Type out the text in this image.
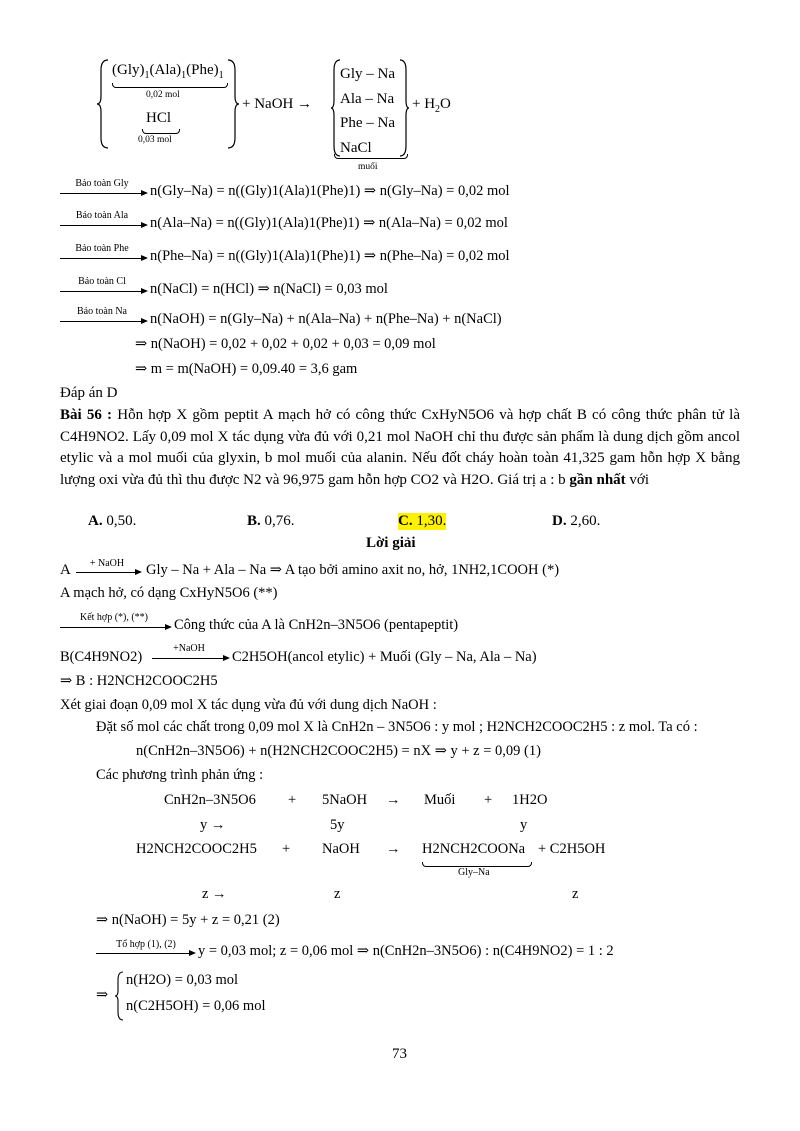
$(Gly)_1(Ala)_1(Phe)_1$
0,02 mol
HCl
0,03 mol
+ NaOH →
Gly – Na
Ala – Na
Phe – Na
NaCl
muối
+ $H_2O$
Bảo toàn Gly	n(Gly–Na) = n((Gly)1(Ala)1(Phe)1) ⇒ n(Gly–Na) = 0,02 mol
Bảo toàn Ala	n(Ala–Na) = n((Gly)1(Ala)1(Phe)1) ⇒ n(Ala–Na) = 0,02 mol
Bảo toàn Phe	n(Phe–Na) = n((Gly)1(Ala)1(Phe)1) ⇒ n(Phe–Na) = 0,02 mol
Bảo toàn Cl	n(NaCl) = n(HCl) ⇒ n(NaCl) = 0,03 mol
Bảo toàn Na	n(NaOH) = n(Gly–Na) + n(Ala–Na) + n(Phe–Na) + n(NaCl)
⇒ n(NaOH) = 0,02 + 0,02 + 0,02 + 0,03 = 0,09 mol
⇒ m = m(NaOH) = 0,09.40 = 3,6 gam
Đáp án D
Bài 56 : Hỗn hợp X gồm peptit A mạch hở có công thức CxHyN5O6 và hợp chất B có công thức phân tử là C4H9NO2. Lấy 0,09 mol X tác dụng vừa đủ với 0,21 mol NaOH chỉ thu được sản phẩm là dung dịch gồm ancol etylic và a mol muối của glyxin, b mol muối của alanin. Nếu đốt cháy hoàn toàn 41,325 gam hỗn hợp X bằng lượng oxi vừa đủ thì thu được N2 và 96,975 gam hỗn hợp CO2 và H2O. Giá trị a : b gần nhất với
A. 0,50.	B. 0,76.	C. 1,30.	D. 2,60.
Lời giải
A	+ NaOH	Gly – Na + Ala – Na ⇒ A tạo bởi amino axit no, hở, 1NH2,1COOH (*)
A mạch hở, có dạng CxHyN5O6 (**)
Kết hợp (*), (**)	Công thức của A là CnH2n–3N5O6 (pentapeptit)
B(C4H9NO2)
+NaOH
C2H5OH(ancol etylic) + Muối (Gly – Na, Ala – Na)
⇒ B : H2NCH2COOC2H5
Xét giai đoạn 0,09 mol X tác dụng vừa đủ với dung dịch NaOH :
Đặt số mol các chất trong 0,09 mol X là CnH2n – 3N5O6 : y mol ; H2NCH2COOC2H5 : z mol. Ta có :
n(CnH2n–3N5O6) + n(H2NCH2COOC2H5) = nX ⇒ y + z = 0,09 (1)
Các phương trình phản ứng :
CnH2n–3N5O6 + 5NaOH → Muối + 1H2O
y →	5y	y
H2NCH2COOC2H5 + NaOH → H2NCH2COONa
Gly–Na
+ C2H5OH
z →	z	z
⇒ n(NaOH) = 5y + z = 0,21 (2)
Tổ hợp (1), (2)	y = 0,03 mol; z = 0,06 mol ⇒ n(CnH2n–3N5O6) : n(C4H9NO2) = 1 : 2
⇒
n(H2O) = 0,03 mol
n(C2H5OH) = 0,06 mol
73
